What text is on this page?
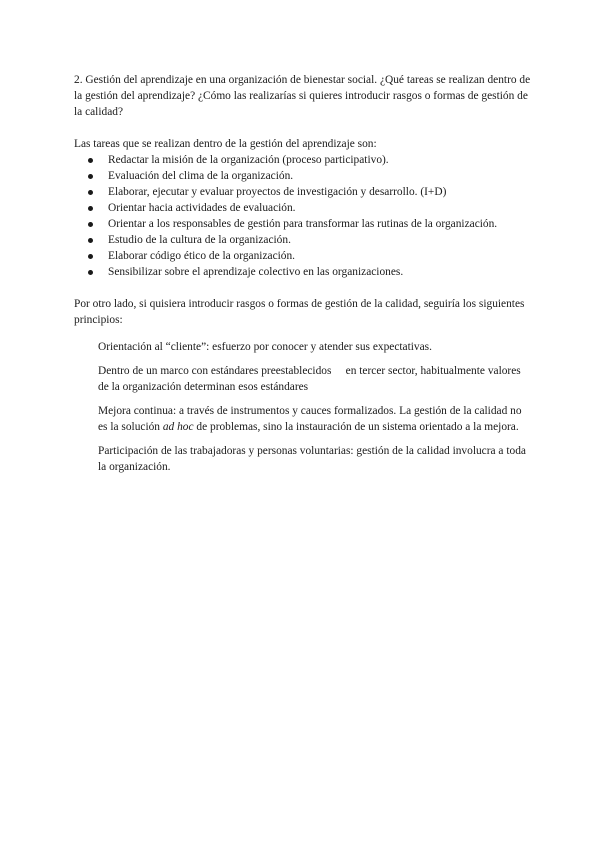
2. Gestión del aprendizaje en una organización de bienestar social. ¿Qué tareas se realizan dentro de la gestión del aprendizaje? ¿Cómo las realizarías si quieres introducir rasgos o formas de gestión de la calidad?

Las tareas que se realizan dentro de la gestión del aprendizaje son:

Redactar la misión de la organización (proceso participativo).
Evaluación del clima de la organización.
Elaborar, ejecutar y evaluar proyectos de investigación y desarrollo. (I+D)
Orientar hacia actividades de evaluación.
Orientar a los responsables de gestión para transformar las rutinas de la organización.
Estudio de la cultura de la organización.
Elaborar código ético de la organización.
Sensibilizar sobre el aprendizaje colectivo en las organizaciones.

Por otro lado, si quisiera introducir rasgos o formas de gestión de la calidad, seguiría los siguientes principios:

Orientación al “cliente”: esfuerzo por conocer y atender sus expectativas.

Dentro de un marco con estándares preestablecidos     en tercer sector, habitualmente valores de la organización determinan esos estándares

Mejora continua: a través de instrumentos y cauces formalizados. La gestión de la calidad no es la solución ad hoc de problemas, sino la instauración de un sistema orientado a la mejora.

Participación de las trabajadoras y personas voluntarias: gestión de la calidad involucra a toda la organización.
